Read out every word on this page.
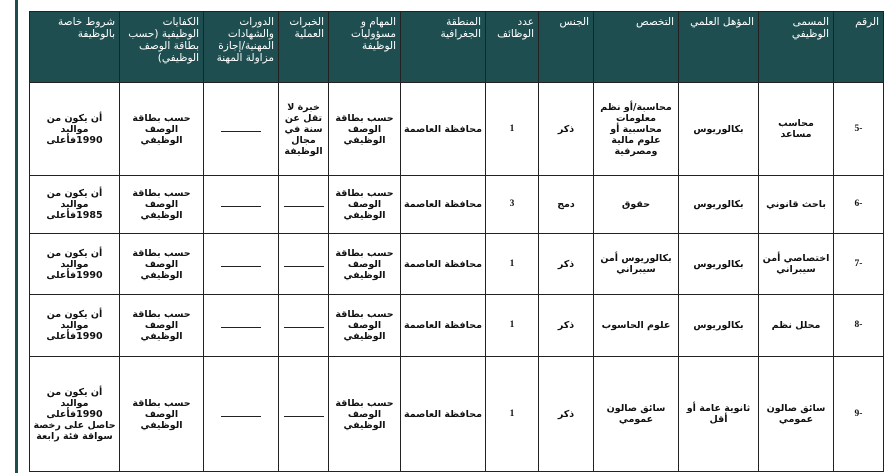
الرقم	المسمى الوظيفي	المؤهل العلمي	التخصص	الجنس	عدد الوظائف	المنطقة الجغرافية	المهام و مسؤوليات الوظيفة	الخبرات العملية	الدورات والشهادات المهنية/إجازة مزاولة المهنة	الكفايات الوظيفية (حسب بطاقة الوصف الوظيفي)	شروط خاصة بالوظيفة
-5	محاسب مساعد	بكالوريوس	محاسبة/أو نظم معلومات محاسبية أو علوم مالية ومصرفية	ذكر	1	محافظة العاصمة	حسب بطاقة الوصف الوظيفي	خبرة لا تقل عن سنة في مجال الوظيفة		حسب بطاقة الوصف الوظيفي	أن يكون من مواليد 1990فأعلى
-6	باحث قانوني	بكالوريوس	حقوق	دمج	3	محافظة العاصمة	حسب بطاقة الوصف الوظيفي			حسب بطاقة الوصف الوظيفي	أن يكون من مواليد 1985فأعلى
-7	اختصاصي أمن سيبراني	بكالوريوس	بكالوريوس أمن سيبراني	ذكر	1	محافظة العاصمة	حسب بطاقة الوصف الوظيفي			حسب بطاقة الوصف الوظيفي	أن يكون من مواليد 1990فأعلى
-8	محلل نظم	بكالوريوس	علوم الحاسوب	ذكر	1	محافظة العاصمة	حسب بطاقة الوصف الوظيفي			حسب بطاقة الوصف الوظيفي	أن يكون من مواليد 1990فأعلى
-9	سائق صالون عمومي	ثانوية عامة أو أقل	سائق صالون عمومي	ذكر	1	محافظة العاصمة	حسب بطاقة الوصف الوظيفي			حسب بطاقة الوصف الوظيفي	أن يكون من مواليد 1990فأعلى حاصل على رخصة سواقة فئة رابعة
